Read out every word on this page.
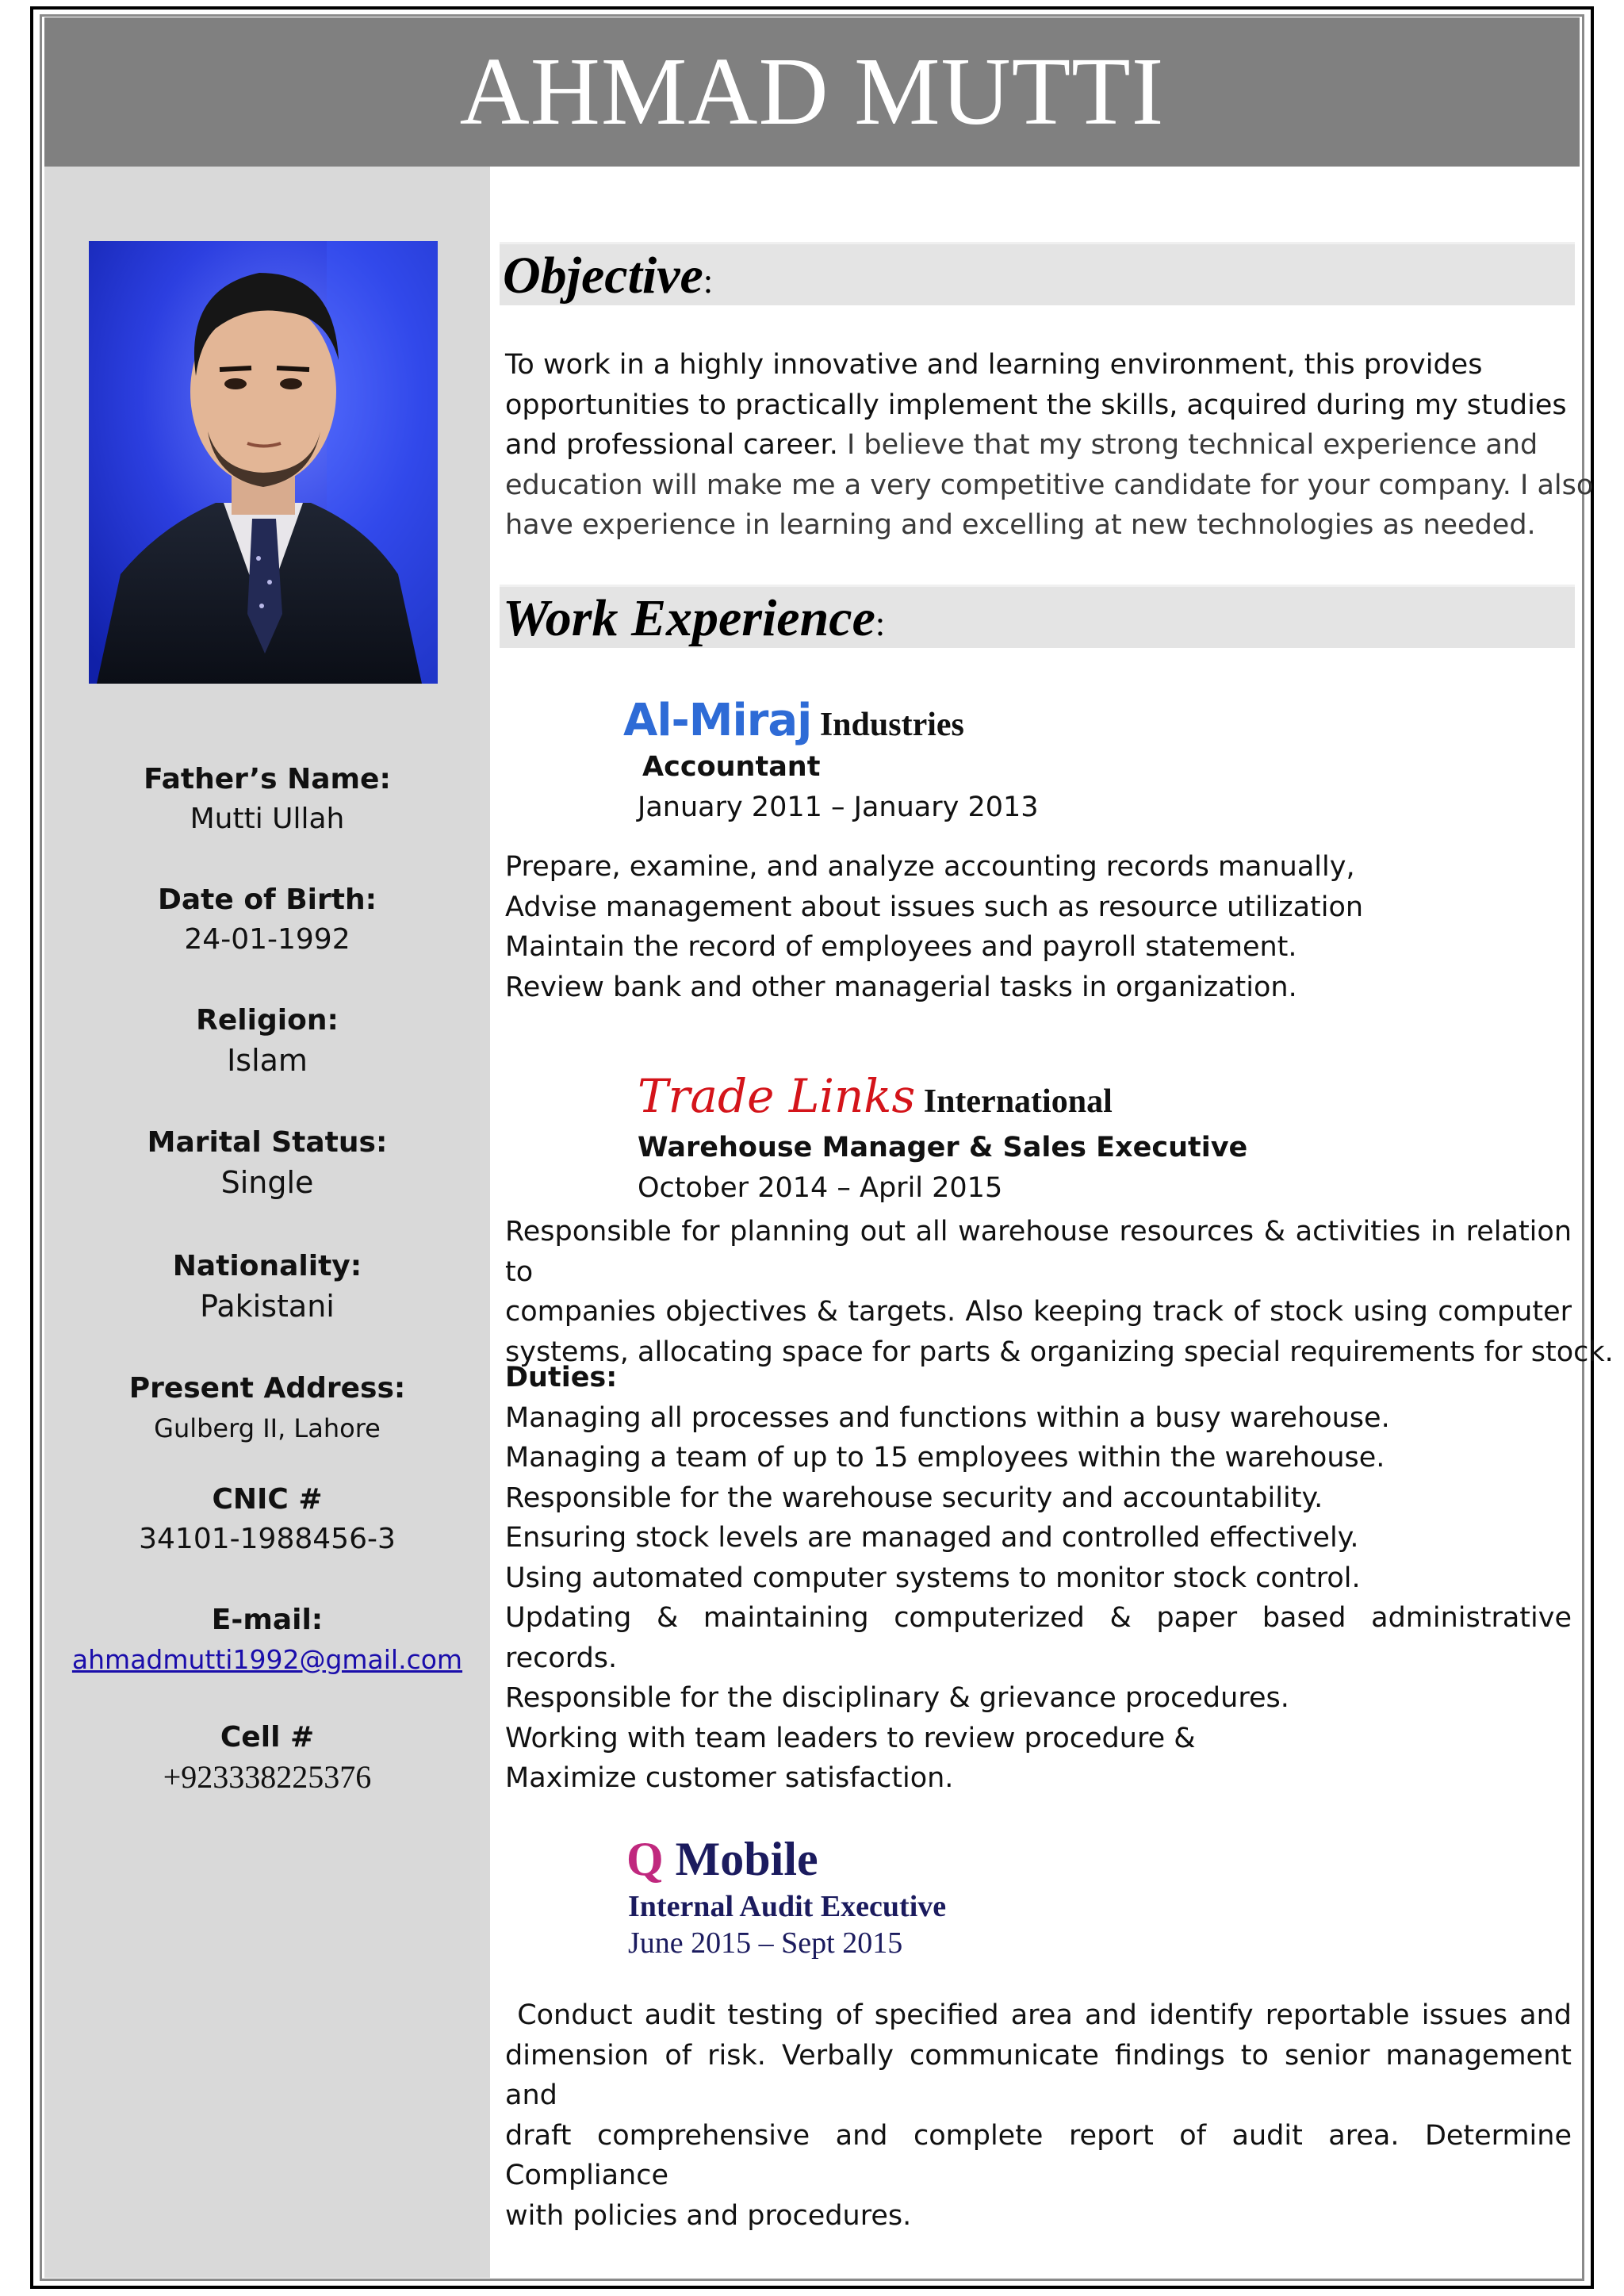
AHMAD MUTTI
Father’s Name:
Mutti Ullah
Date of Birth:
24-01-1992
Religion:
Islam
Marital Status:
Single
Nationality:
Pakistani
Present Address:
Gulberg II, Lahore
CNIC #
34101-1988456-3
E-mail:
ahmadmutti1992@gmail.com
Cell #
+923338225376
Objective:
To work in a highly innovative and learning environment, this provides
opportunities to practically implement the skills, acquired during my studies
and professional career. I believe that my strong technical experience and
education will make me a very competitive candidate for your company. I also
have experience in learning and excelling at new technologies as needed.
Work Experience:
Al-Miraj Industries
Accountant
January 2011 – January 2013
Prepare, examine, and analyze accounting records manually,
Advise management about issues such as resource utilization
Maintain the record of employees and payroll statement.
Review bank and other managerial tasks in organization.
Trade Links International
Warehouse Manager & Sales Executive
October 2014 – April 2015
Responsible for planning out all warehouse resources & activities in relation to
companies objectives & targets. Also keeping track of stock using computer
systems, allocating space for parts & organizing special requirements for stock.
Duties:
Managing all processes and functions within a busy warehouse.
Managing a team of up to 15 employees within the warehouse.
Responsible for the warehouse security and accountability.
Ensuring stock levels are managed and controlled effectively.
Using automated computer systems to monitor stock control.
Updating & maintaining computerized & paper based administrative records.
Responsible for the disciplinary & grievance procedures.
Working with team leaders to review procedure &
Maximize customer satisfaction.
Q Mobile
Internal Audit Executive
June 2015 – Sept 2015
Conduct audit testing of specified area and identify reportable issues and
dimension of risk. Verbally communicate findings to senior management and
draft comprehensive and complete report of audit area. Determine Compliance
with policies and procedures.
